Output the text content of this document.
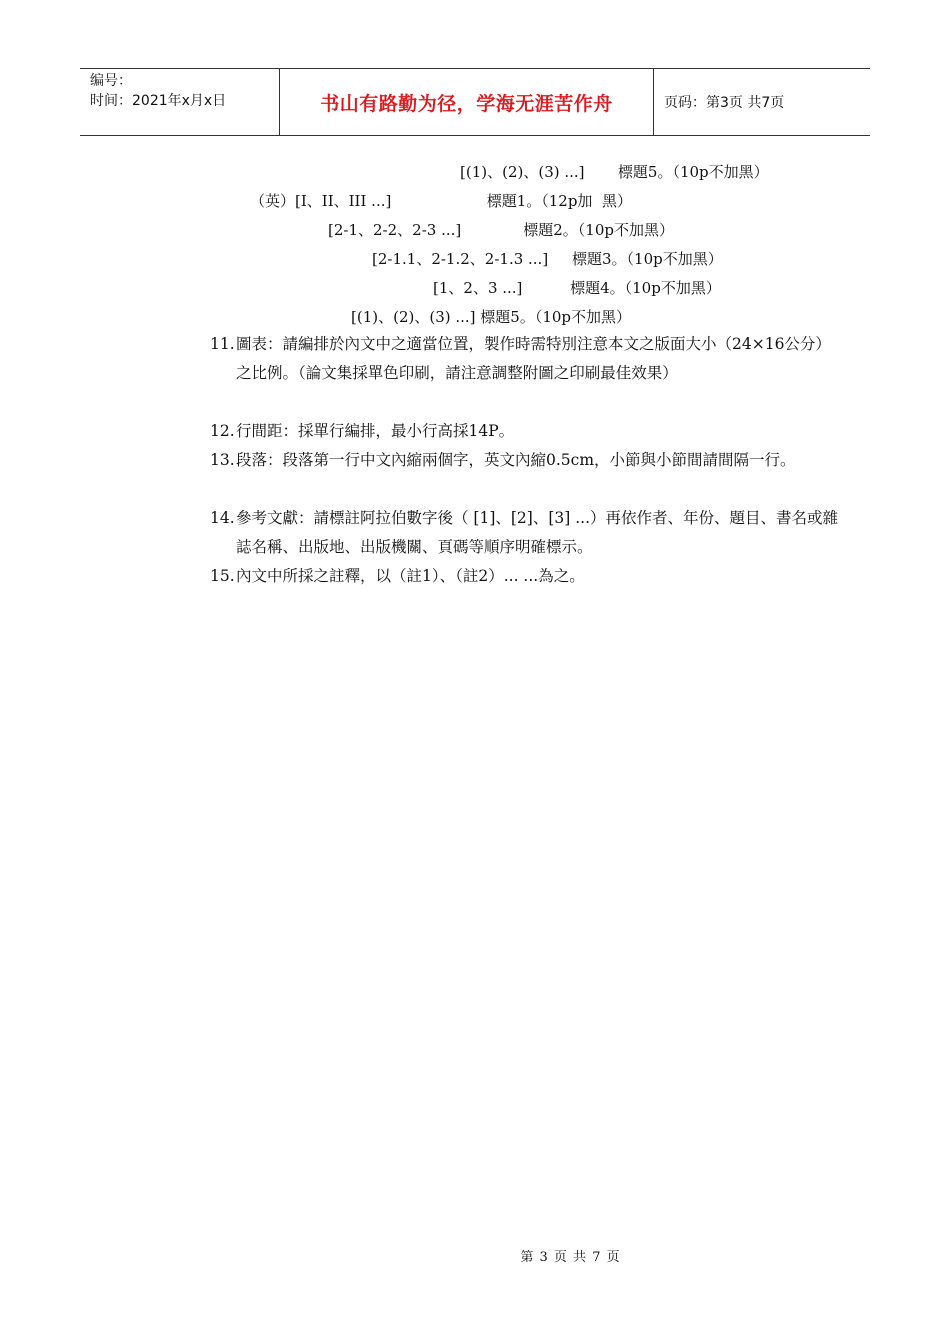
编号：
时间：2021年x月x日	书山有路勤为径，学海无涯苦作舟	页码：第3页 共7页
[(1)、(2)、(3) ...]       標題5。（10p不加黑）
（英）[I、II、III ...]                    標題1。（12p加  黑）
[2-1、2-2、2-3 ...]             標題2。（10p不加黑）
[2-1.1、2-1.2、2-1.3 ...]     標題3。（10p不加黑）
[1、2、3 ...]          標題4。（10p不加黑）
[(1)、(2)、(3) ...] 標題5。（10p不加黑）
11. 圖表：請編排於內文中之適當位置，製作時需特別注意本文之版面大小（24×16公分）之比例。（論文集採單色印刷，請注意調整附圖之印刷最佳效果）
12. 行間距：採單行編排，最小行高採14P。
13. 段落：段落第一行中文內縮兩個字，英文內縮0.5cm，小節與小節間請間隔一行。
14. 參考文獻：請標註阿拉伯數字後（ [1]、[2]、[3] ...）再依作者、年份、題目、書名或雜誌名稱、出版地、出版機關、頁碼等順序明確標示。
15. 內文中所採之註釋，以（註1）、（註2）... ...為之。
第 3 页 共 7 页
